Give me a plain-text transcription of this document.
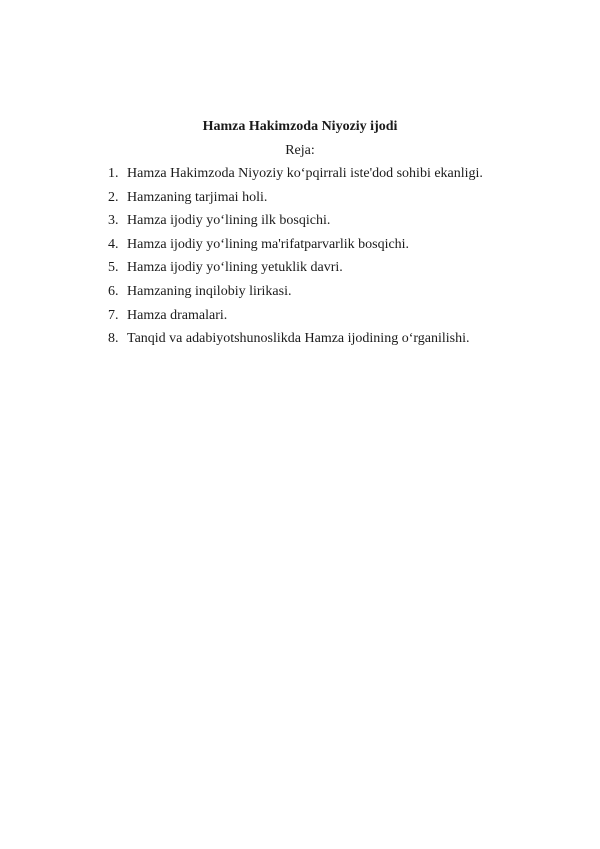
Hamza Hakimzoda Niyoziy ijodi
Reja:
1. Hamza Hakimzoda Niyoziy ko‘pqirrali iste'dod sohibi ekanligi.
2. Hamzaning tarjimai holi.
3. Hamza ijodiy yo‘lining ilk bosqichi.
4. Hamza ijodiy yo‘lining ma'rifatparvarlik bosqichi.
5. Hamza ijodiy yo‘lining yetuklik davri.
6. Hamzaning inqilobiy lirikasi.
7. Hamza dramalari.
8. Tanqid va adabiyotshunoslikda Hamza ijodining o‘rganilishi.
